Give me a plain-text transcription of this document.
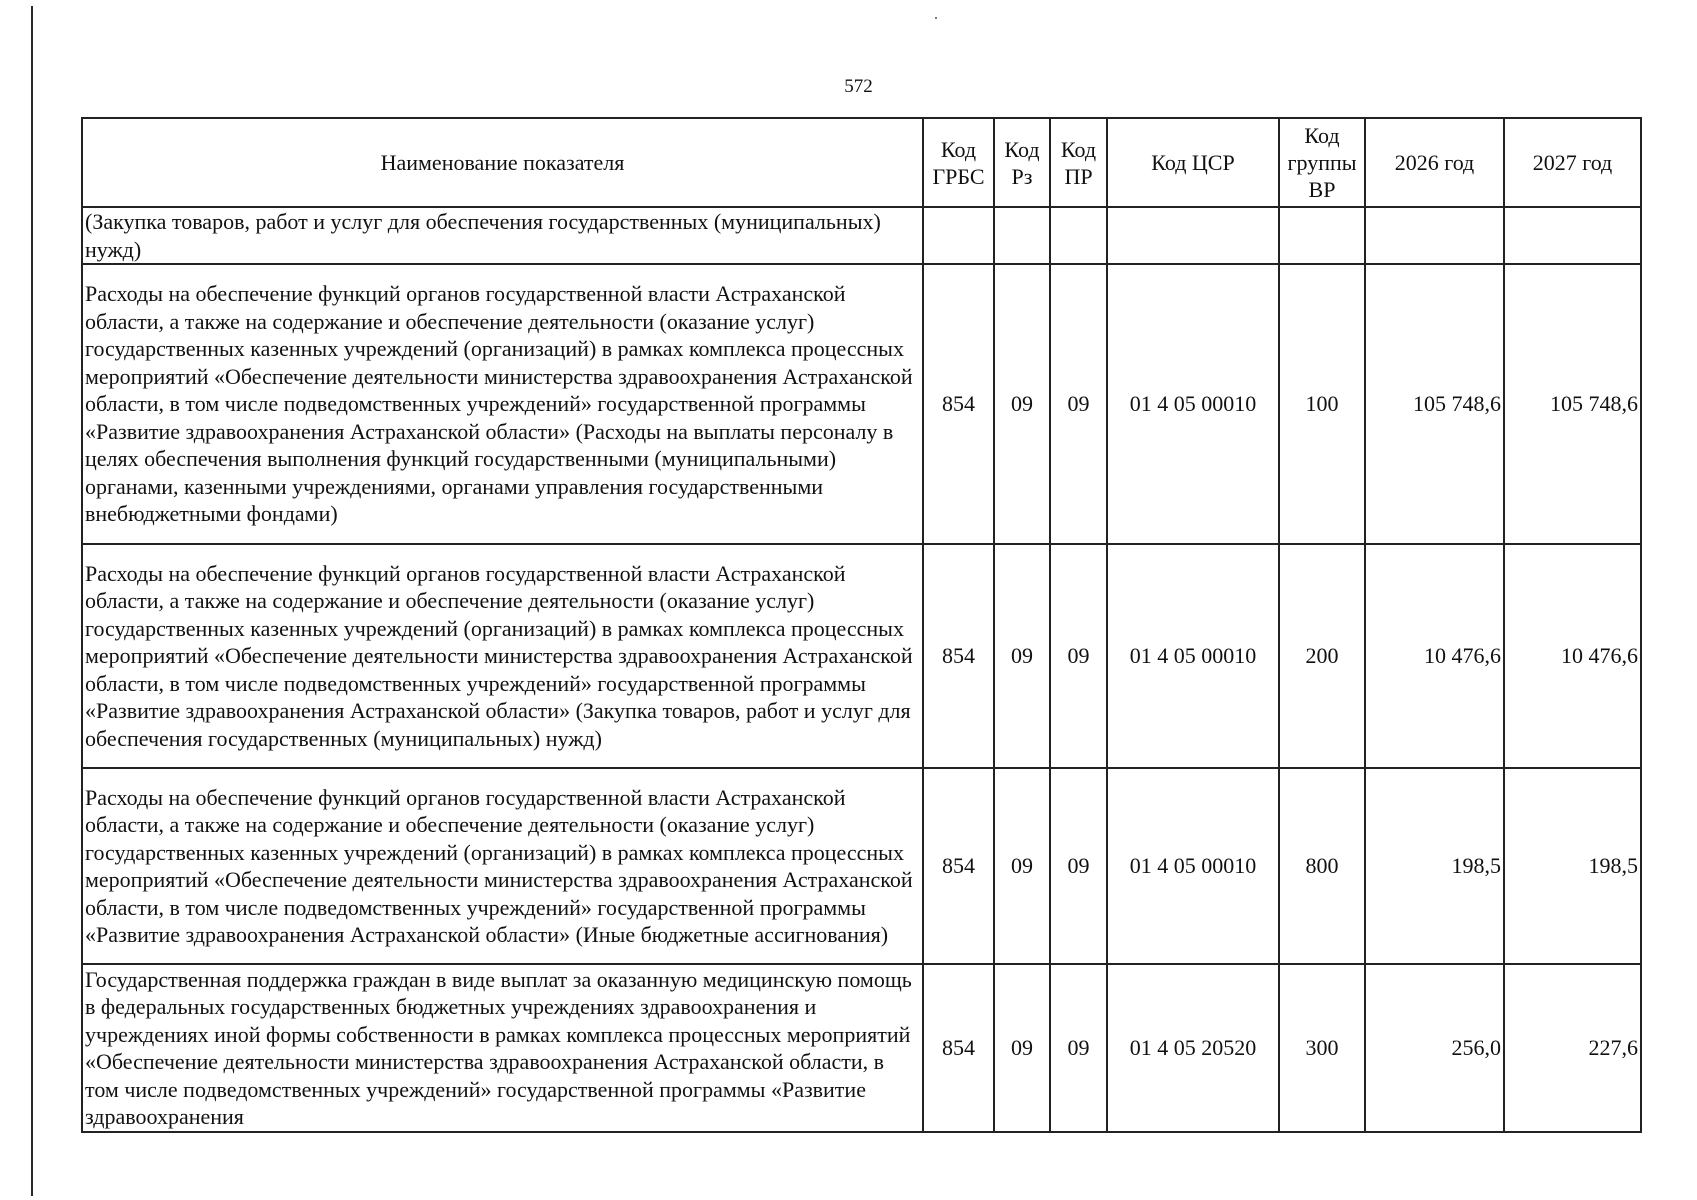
572
Наименование показателя	Код ГРБС	Код Рз	Код ПР	Код ЦСР	Код группы ВР	2026 год	2027 год
(Закупка товаров, работ и услуг для обеспечения государственных (муниципальных) нужд)							
Расходы на обеспечение функций органов государственной власти Астраханской области, а также на содержание и обеспечение деятельности (оказание услуг) государственных казенных учреждений (организаций) в рамках комплекса процессных мероприятий «Обеспечение деятельности министерства здравоохранения Астраханской области, в том числе подведомственных учреждений» государственной программы «Развитие здравоохранения Астраханской области» (Расходы на выплаты персоналу в целях обеспечения выполнения функций государственными (муниципальными) органами, казенными учреждениями, органами управления государственными внебюджетными фондами)	854	09	09	01 4 05 00010	100	105 748,6	105 748,6
Расходы на обеспечение функций органов государственной власти Астраханской области, а также на содержание и обеспечение деятельности (оказание услуг) государственных казенных учреждений (организаций) в рамках комплекса процессных мероприятий «Обеспечение деятельности министерства здравоохранения Астраханской области, в том числе подведомственных учреждений» государственной программы «Развитие здравоохранения Астраханской области» (Закупка товаров, работ и услуг для обеспечения государственных (муниципальных) нужд)	854	09	09	01 4 05 00010	200	10 476,6	10 476,6
Расходы на обеспечение функций органов государственной власти Астраханской области, а также на содержание и обеспечение деятельности (оказание услуг) государственных казенных учреждений (организаций) в рамках комплекса процессных мероприятий «Обеспечение деятельности министерства здравоохранения Астраханской области, в том числе подведомственных учреждений» государственной программы «Развитие здравоохранения Астраханской области» (Иные бюджетные ассигнования)	854	09	09	01 4 05 00010	800	198,5	198,5
Государственная поддержка граждан в виде выплат за оказанную медицинскую помощь в федеральных государственных бюджетных учреждениях здравоохранения и учреждениях иной формы собственности в рамках комплекса процессных мероприятий «Обеспечение деятельности министерства здравоохранения Астраханской области, в том числе подведомственных учреждений» государственной программы «Развитие здравоохранения	854	09	09	01 4 05 20520	300	256,0	227,6
